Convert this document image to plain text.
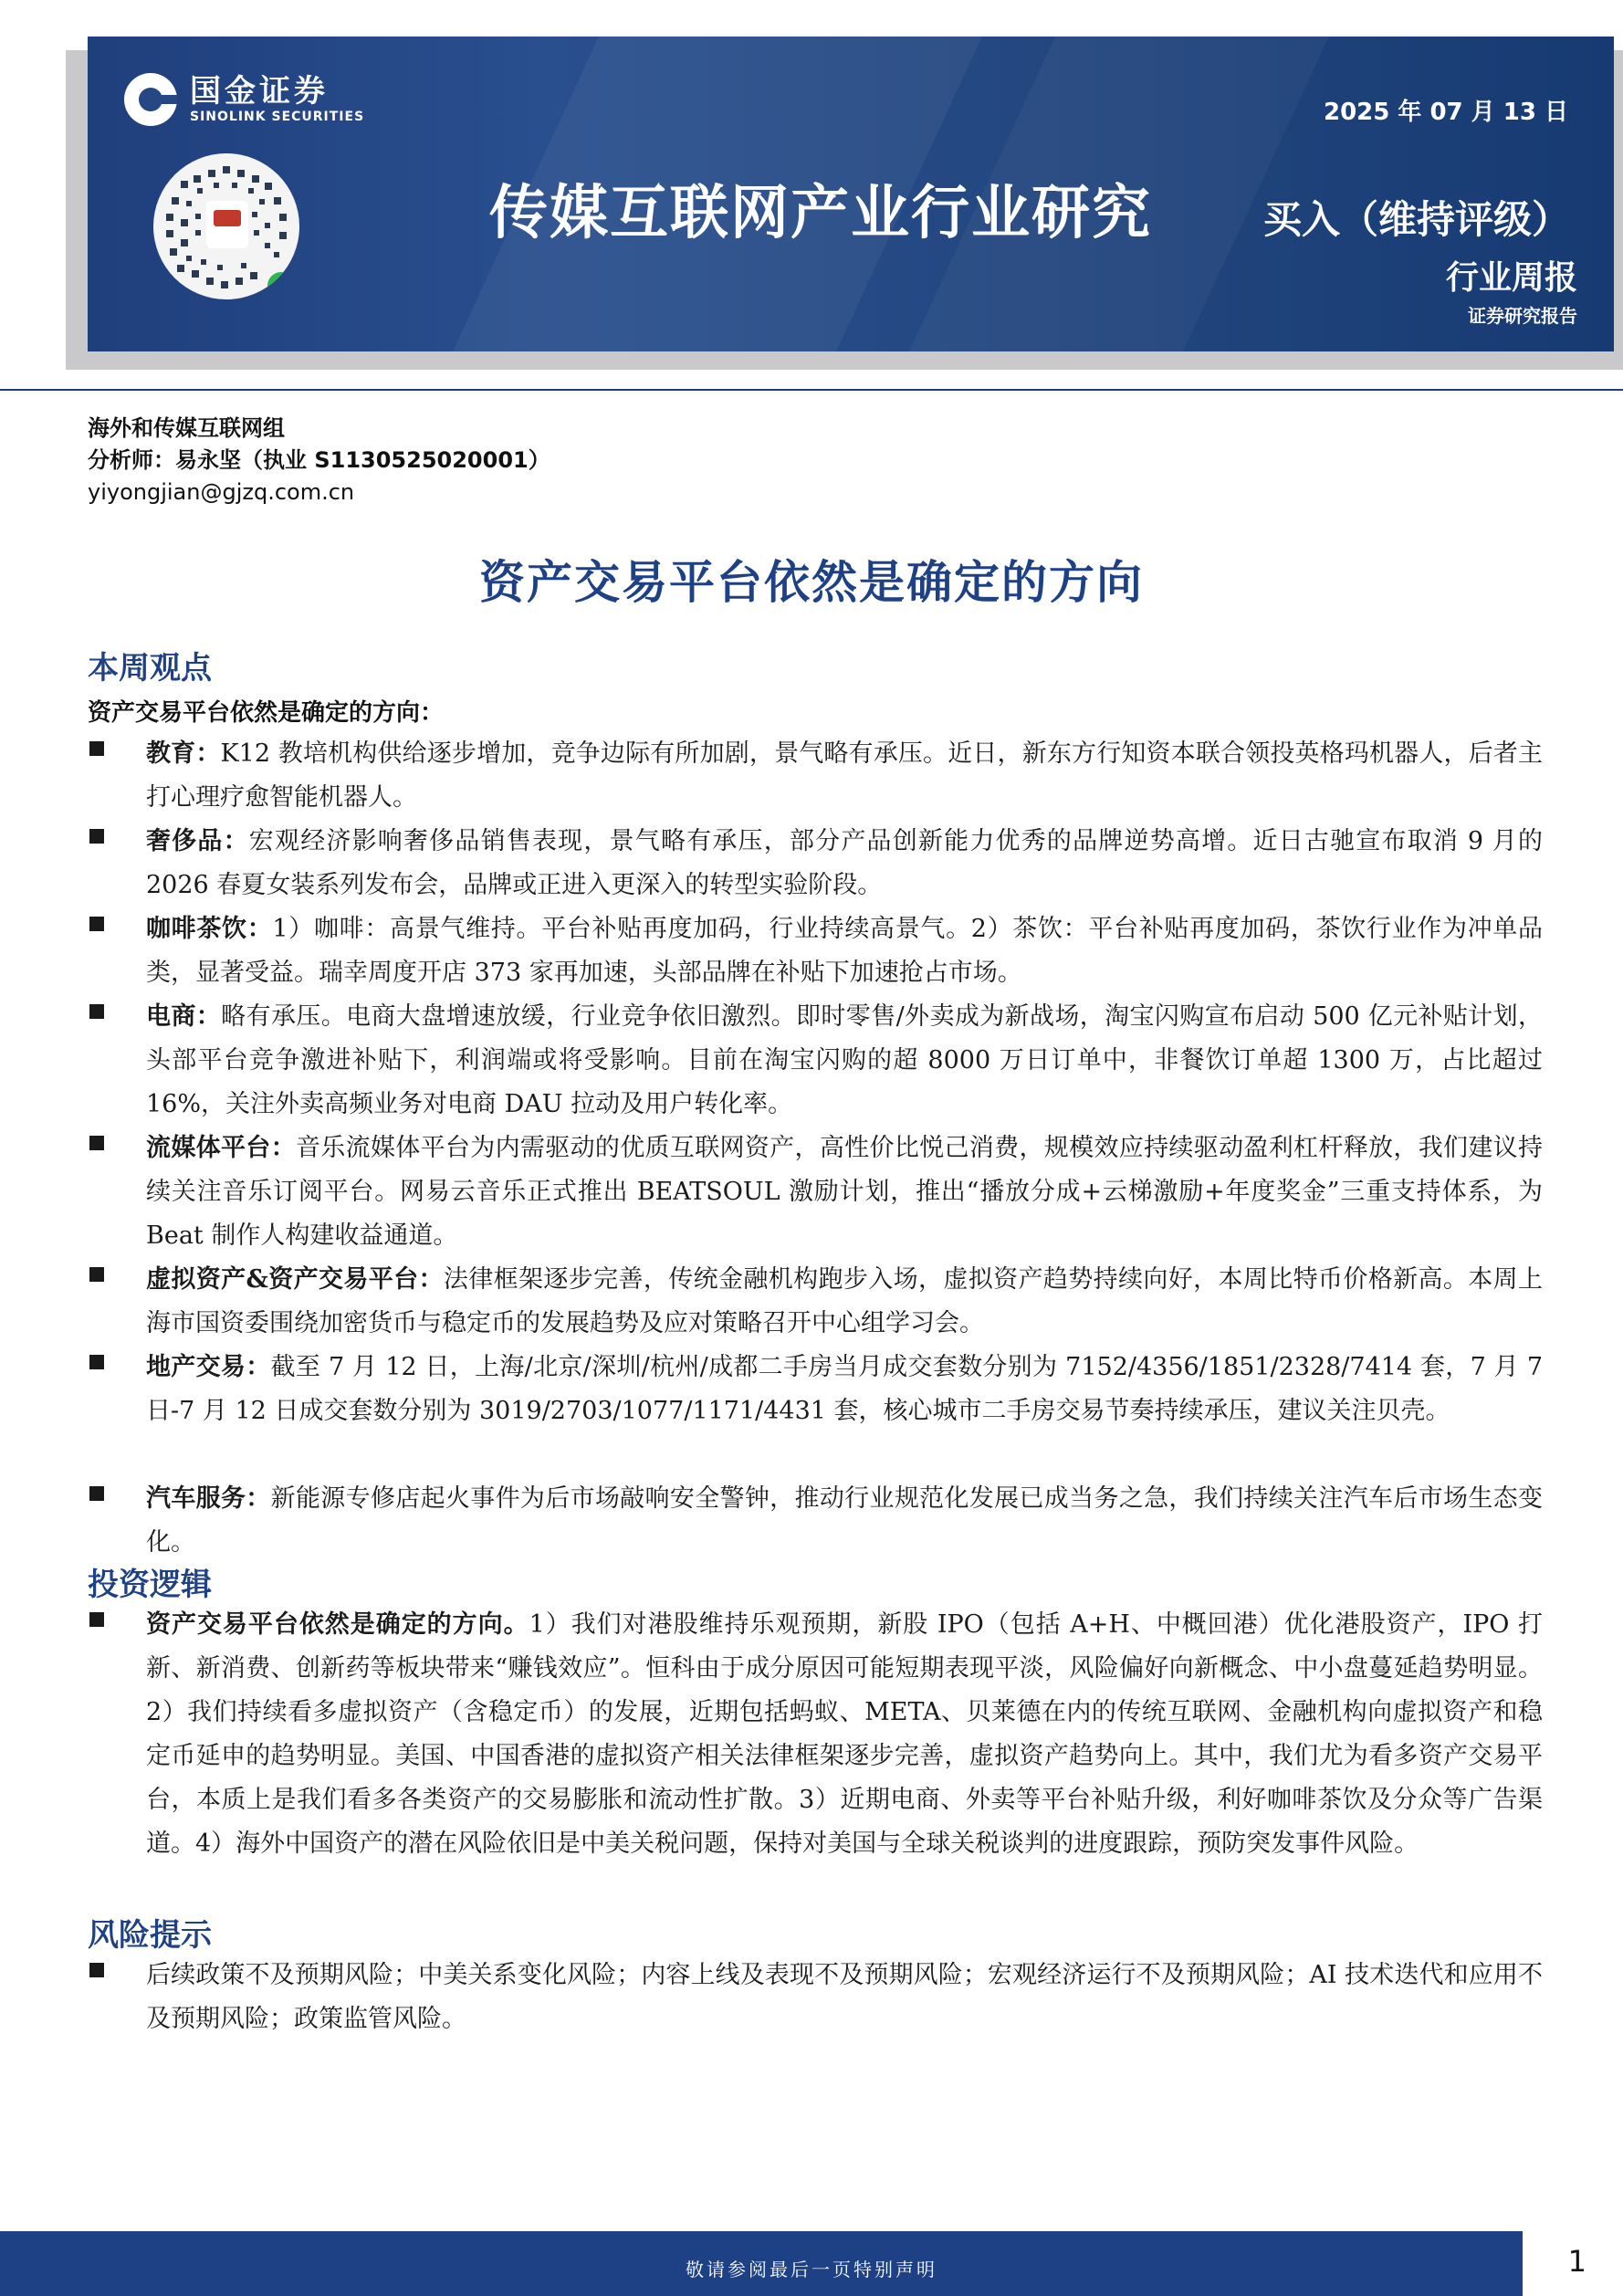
国金证券
SINOLINK SECURITIES
ε
传媒互联网产业行业研究
2025 年 07 月 13 日
买入（维持评级）
行业周报
证券研究报告
海外和传媒互联网组
分析师：易永坚（执业 S1130525020001）
yiyongjian@gjzq.com.cn
资产交易平台依然是确定的方向
本周观点
资产交易平台依然是确定的方向：
教育：K12 教培机构供给逐步增加，竞争边际有所加剧，景气略有承压。近日，新东方行知资本联合领投英格玛机器人，后者主打心理疗愈智能机器人。
奢侈品：宏观经济影响奢侈品销售表现，景气略有承压，部分产品创新能力优秀的品牌逆势高增。近日古驰宣布取消 9 月的 2026 春夏女装系列发布会，品牌或正进入更深入的转型实验阶段。
咖啡茶饮：1）咖啡：高景气维持。平台补贴再度加码，行业持续高景气。2）茶饮：平台补贴再度加码，茶饮行业作为冲单品类，显著受益。瑞幸周度开店 373 家再加速，头部品牌在补贴下加速抢占市场。
电商：略有承压。电商大盘增速放缓，行业竞争依旧激烈。即时零售/外卖成为新战场，淘宝闪购宣布启动 500 亿元补贴计划，头部平台竞争激进补贴下，利润端或将受影响。目前在淘宝闪购的超 8000 万日订单中，非餐饮订单超 1300 万，占比超过 16%，关注外卖高频业务对电商 DAU 拉动及用户转化率。
流媒体平台：音乐流媒体平台为内需驱动的优质互联网资产，高性价比悦己消费，规模效应持续驱动盈利杠杆释放，我们建议持续关注音乐订阅平台。网易云音乐正式推出 BEATSOUL 激励计划，推出“播放分成+云梯激励+年度奖金”三重支持体系，为 Beat 制作人构建收益通道。
虚拟资产&资产交易平台：法律框架逐步完善，传统金融机构跑步入场，虚拟资产趋势持续向好，本周比特币价格新高。本周上海市国资委围绕加密货币与稳定币的发展趋势及应对策略召开中心组学习会。
地产交易：截至 7 月 12 日，上海/北京/深圳/杭州/成都二手房当月成交套数分别为 7152/4356/1851/2328/7414 套，7 月 7 日-7 月 12 日成交套数分别为 3019/2703/1077/1171/4431 套，核心城市二手房交易节奏持续承压，建议关注贝壳。
汽车服务：新能源专修店起火事件为后市场敲响安全警钟，推动行业规范化发展已成当务之急，我们持续关注汽车后市场生态变化。
投资逻辑
资产交易平台依然是确定的方向。1）我们对港股维持乐观预期，新股 IPO（包括 A+H、中概回港）优化港股资产，IPO 打新、新消费、创新药等板块带来“赚钱效应”。恒科由于成分原因可能短期表现平淡，风险偏好向新概念、中小盘蔓延趋势明显。2）我们持续看多虚拟资产（含稳定币）的发展，近期包括蚂蚁、META、贝莱德在内的传统互联网、金融机构向虚拟资产和稳定币延申的趋势明显。美国、中国香港的虚拟资产相关法律框架逐步完善，虚拟资产趋势向上。其中，我们尤为看多资产交易平台，本质上是我们看多各类资产的交易膨胀和流动性扩散。3）近期电商、外卖等平台补贴升级，利好咖啡茶饮及分众等广告渠道。4）海外中国资产的潜在风险依旧是中美关税问题，保持对美国与全球关税谈判的进度跟踪，预防突发事件风险。
风险提示
后续政策不及预期风险；中美关系变化风险；内容上线及表现不及预期风险；宏观经济运行不及预期风险；AI 技术迭代和应用不及预期风险；政策监管风险。
敬请参阅最后一页特别声明	1
